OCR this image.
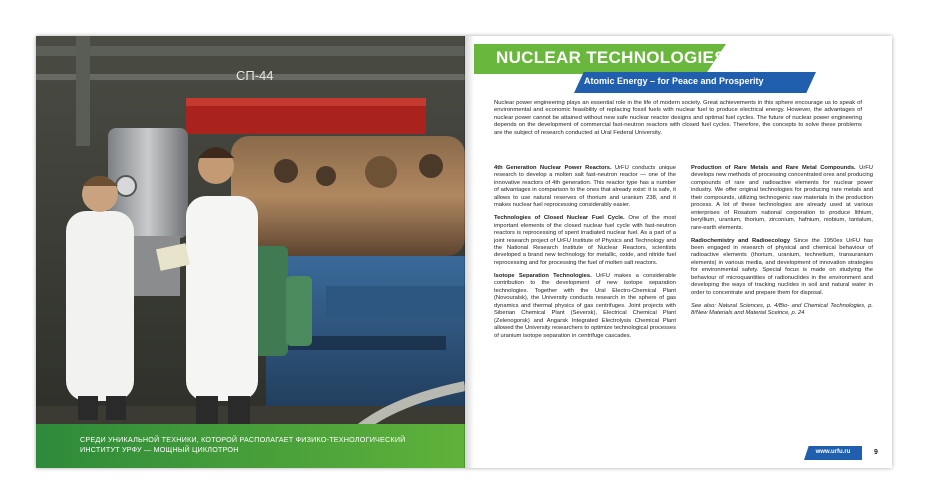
СП-44
СРЕДИ УНИКАЛЬНОЙ ТЕХНИКИ, КОТОРОЙ РАСПОЛАГАЕТ ФИЗИКО-ТЕХНОЛОГИЧЕСКИЙ ИНСТИТУТ УРФУ — МОЩНЫЙ ЦИКЛОТРОН
NUCLEAR TECHNOLOGIES
Atomic Energy – for Peace and Prosperity
Nuclear power engineering plays an essential role in the life of modern society. Great achievements in this sphere encourage us to speak of environmental and economic feasibility of replacing fossil fuels with nuclear fuel to produce electrical energy. However, the advantages of nuclear power cannot be attained without new safe nuclear reactor designs and optimal fuel cycles. The future of nuclear power engineering depends on the development of commercial fast-neutron reactors with closed fuel cycles. Therefore, the concepts to solve these problems are the subject of research conducted at Ural Federal University.

4th Generation Nuclear Power Reactors. UrFU conducts unique research to develop a molten salt fast-neutron reactor — one of the innovative reactors of 4th generation. This reactor type has a number of advantages in comparison to the ones that already exist: it is safe, it allows to use natural reserves of thorium and uranium 238, and it makes nuclear fuel reprocessing considerably easier.

Technologies of Closed Nuclear Fuel Cycle. One of the most important elements of the closed nuclear fuel cycle with fast-neutron reactors is reprocessing of spent irradiated nuclear fuel. As a part of a joint research project of UrFU Institute of Physics and Technology and the National Research Institute of Nuclear Reactors, scientists developed a brand new technology for metallic, oxide, and nitride fuel reprocessing and for processing the fuel of molten salt reactors.

Isotope Separation Technologies. UrFU makes a considerable contribution to the development of new isotope separation technologies. Together with the Ural Electro-Chemical Plant (Novouralsk), the University conducts research in the sphere of gas dynamics and thermal physics of gas centrifuges. Joint projects with Siberian Chemical Plant (Seversk), Electrical Chemical Plant (Zelenogorsk) and Angarsk Integrated Electrolysis Chemical Plant allowed the University researchers to optimize technological processes of uranium isotope separation in centrifuge cascades.

Production of Rare Metals and Rare Metal Compounds. UrFU develops new methods of processing concentrated ores and producing compounds of rare and radioactive elements for nuclear power industry. We offer original technologies for producing rare metals and their compounds, utilizing technogenic raw materials in the production process. A lot of these technologies are already used at various enterprises of Rosatom national corporation to produce lithium, beryllium, uranium, thorium, zirconium, hafnium, niobium, tantalum, rare-earth elements.

Radiochemistry and Radioecology Since the 1950es UrFU has been engaged in research of physical and chemical behaviour of radioactive elements (thorium, uranium, technetium, transuranium elements) in various media, and development of innovation strategies for environmental safety. Special focus is made on studying the behaviour of microquantities of radionuclides in the environment and developing the ways of tracking nuclides in soil and natural water in order to concentrate and prepare them for disposal.

See also: Natural Sciences, p. 4/Bio- and Chemical Technologies, p. 8/New Materials and Material Sceince, p. 24

www.urfu.ru	9
